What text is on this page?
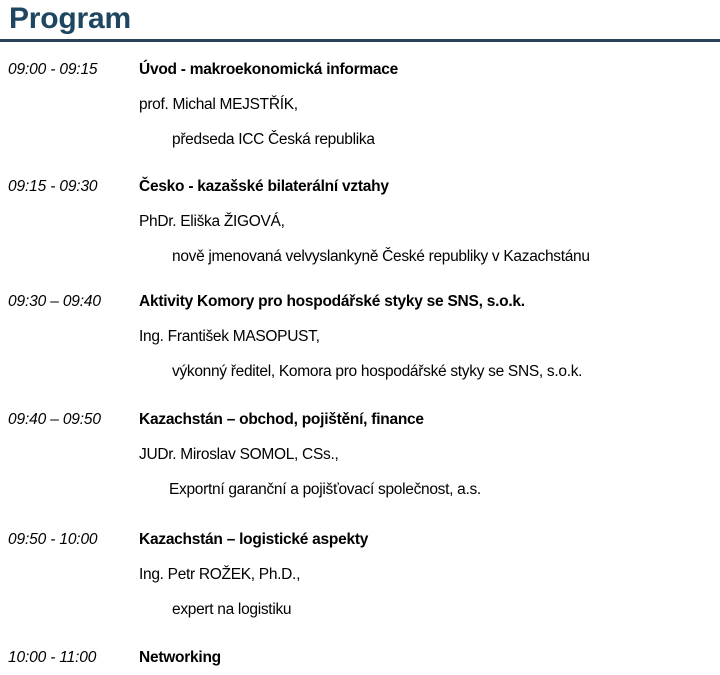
Program
09:00 - 09:15	Úvod - makroekonomická informace
prof. Michal MEJSTŘÍK,
předseda ICC Česká republika
09:15 - 09:30	Česko - kazašské bilaterální vztahy
PhDr. Eliška ŽIGOVÁ,
nově jmenovaná velvyslankyně České republiky v Kazachstánu
09:30 – 09:40	Aktivity Komory pro hospodářské styky se SNS, s.o.k.
Ing. František MASOPUST,
výkonný ředitel, Komora pro hospodářské styky se SNS, s.o.k.
09:40 – 09:50	Kazachstán – obchod, pojištění, finance
JUDr. Miroslav SOMOL, CSs.,
Exportní garanční a pojišťovací společnost, a.s.
09:50 - 10:00	Kazachstán – logistické aspekty
Ing. Petr ROŽEK, Ph.D.,
expert na logistiku
10:00 - 11:00	Networking
